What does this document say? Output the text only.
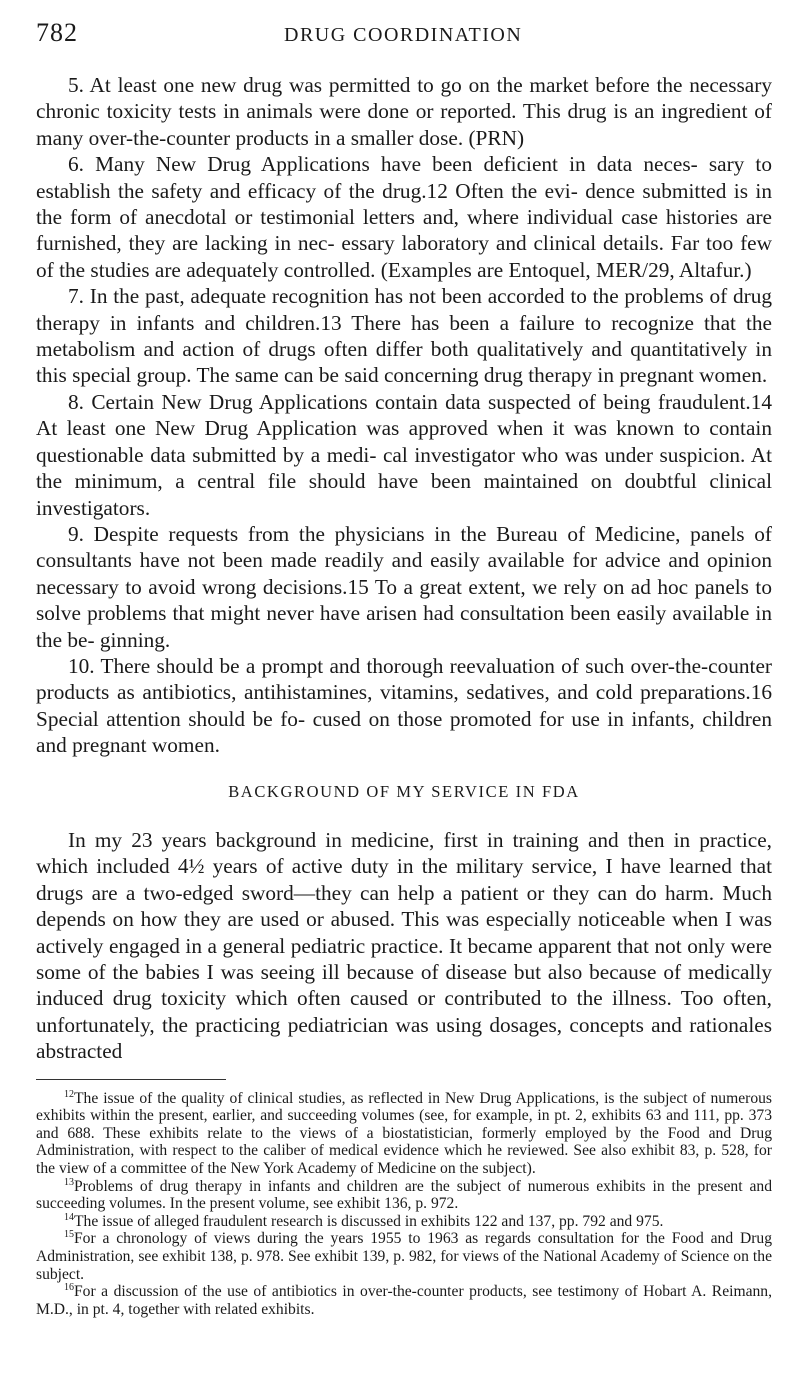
782	DRUG COORDINATION

5. At least one new drug was permitted to go on the market before the necessary chronic toxicity tests in animals were done or reported. This drug is an ingredient of many over-the-counter products in a smaller dose. (PRN)

6. Many New Drug Applications have been deficient in data neces- sary to establish the safety and efficacy of the drug.12 Often the evi- dence submitted is in the form of anecdotal or testimonial letters and, where individual case histories are furnished, they are lacking in nec- essary laboratory and clinical details. Far too few of the studies are adequately controlled. (Examples are Entoquel, MER/29, Altafur.)

7. In the past, adequate recognition has not been accorded to the problems of drug therapy in infants and children.13 There has been a failure to recognize that the metabolism and action of drugs often differ both qualitatively and quantitatively in this special group. The same can be said concerning drug therapy in pregnant women.

8. Certain New Drug Applications contain data suspected of being fraudulent.14 At least one New Drug Application was approved when it was known to contain questionable data submitted by a medi- cal investigator who was under suspicion. At the minimum, a central file should have been maintained on doubtful clinical investigators.

9. Despite requests from the physicians in the Bureau of Medicine, panels of consultants have not been made readily and easily available for advice and opinion necessary to avoid wrong decisions.15 To a great extent, we rely on ad hoc panels to solve problems that might never have arisen had consultation been easily available in the be- ginning.

10. There should be a prompt and thorough reevaluation of such over-the-counter products as antibiotics, antihistamines, vitamins, sedatives, and cold preparations.16 Special attention should be fo- cused on those promoted for use in infants, children and pregnant women.

BACKGROUND OF MY SERVICE IN FDA

In my 23 years background in medicine, first in training and then in practice, which included 4½ years of active duty in the military service, I have learned that drugs are a two-edged sword—they can help a patient or they can do harm. Much depends on how they are used or abused. This was especially noticeable when I was actively engaged in a general pediatric practice. It became apparent that not only were some of the babies I was seeing ill because of disease but also because of medically induced drug toxicity which often caused or contributed to the illness. Too often, unfortunately, the practicing pediatrician was using dosages, concepts and rationales abstracted

$^{12}$The issue of the quality of clinical studies, as reflected in New Drug Applications, is the subject of numerous exhibits within the present, earlier, and succeeding volumes (see, for example, in pt. 2, exhibits 63 and 111, pp. 373 and 688. These exhibits relate to the views of a biostatistician, formerly employed by the Food and Drug Administration, with respect to the caliber of medical evidence which he reviewed. See also exhibit 83, p. 528, for the view of a committee of the New York Academy of Medicine on the subject).

$^{13}$Problems of drug therapy in infants and children are the subject of numerous exhibits in the present and succeeding volumes. In the present volume, see exhibit 136, p. 972.

$^{14}$The issue of alleged fraudulent research is discussed in exhibits 122 and 137, pp. 792 and 975.

$^{15}$For a chronology of views during the years 1955 to 1963 as regards consultation for the Food and Drug Administration, see exhibit 138, p. 978. See exhibit 139, p. 982, for views of the National Academy of Science on the subject.

$^{16}$For a discussion of the use of antibiotics in over-the-counter products, see testimony of Hobart A. Reimann, M.D., in pt. 4, together with related exhibits.
